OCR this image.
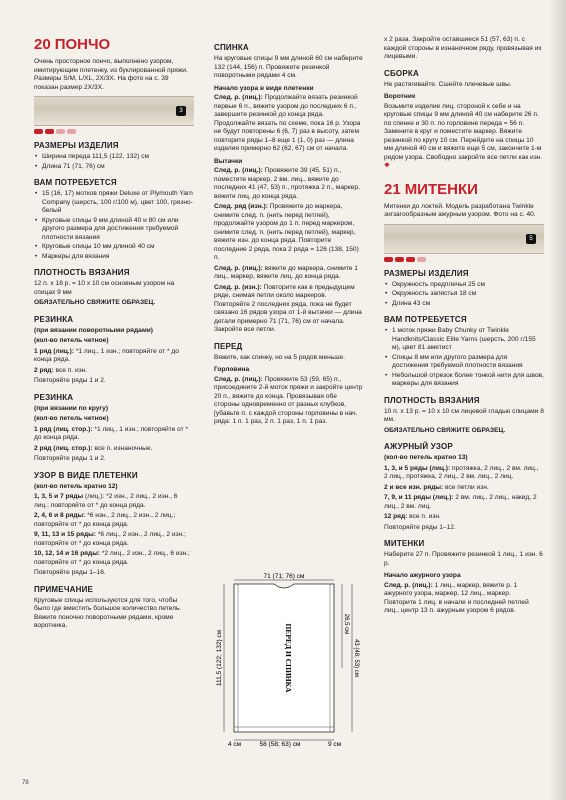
20 ПОНЧО

Очень просторное пончо, выполнено узором, имитирующим плетенку, из буклированной пряжи. Размеры S/M, L/XL, 2X/3X. На фото на с. 39 показан размер 2X/3X.

3
РАЗМЕРЫ ИЗДЕЛИЯ
• Ширина переда 111,5 (122, 132) см
• Длина 71 (71, 76) см
ВАМ ПОТРЕБУЕТСЯ
• 15 (16, 17) мотков пряжи Deluxe от Plymouth Yarn Company (шерсть, 100 г/100 м), цвет 100, грязно-белый
• Круговые спицы 9 мм длиной 40 и 80 см или другого размера для достижения требуемой плотности вязания
• Круговые спицы 10 мм длиной 40 см
• Маркеры для вязания
ПЛОТНОСТЬ ВЯЗАНИЯ

12 п. x 18 р. = 10 x 10 см основным узором на спицах 9 мм

ОБЯЗАТЕЛЬНО СВЯЖИТЕ ОБРАЗЕЦ.

РЕЗИНКА

(при вязании поворотными рядами)

(кол-во петель четное)

1 ряд (лиц.): *1 лиц., 1 изн.; повторяйте от * до конца ряда.

2 ряд: все п. изн.

Повторяйте ряды 1 и 2.

РЕЗИНКА

(при вязании по кругу)

(кол-во петель четное)

1 ряд (лиц. стор.): *1 лиц., 1 изн.; повторяйте от * до конца ряда.

2 ряд (лиц. стор.): все п. изнаночные.

Повторяйте ряды 1 и 2.

УЗОР В ВИДЕ ПЛЕТЕНКИ

(кол-во петель кратно 12)

1, 3, 5 и 7 ряды (лиц.): *2 изн., 2 лиц., 2 изн., 6 лиц.; повторяйте от * до конца ряда.

2, 4, 6 и 8 ряды: *6 изн., 2 лиц., 2 изн., 2 лиц.; повторяйте от * до конца ряда.

9, 11, 13 и 15 ряды: *6 лиц., 2 изн., 2 лиц., 2 изн.; повторяйте от * до конца ряда.

10, 12, 14 и 16 ряды: *2 лиц., 2 изн., 2 лиц., 6 изн.; повторяйте от * до конца ряда.

Повторяйте ряды 1–16.

ПРИМЕЧАНИЕ

Круговые спицы используются для того, чтобы было где вместить большое количество петель. Вяжите поночно поворотными рядами, кроме воротника.

СПИНКА

На круговые спицы 9 мм длиной 60 см наберите 132 (144, 156) п. Провяжите резинкой поворотными рядами 4 см.

Начало узора в виде плетенки

След. р. (лиц.): Продолжайте вязать резинкой первые 6 п., вяжите узором до последних 6 п., завершите резинкой до конца ряда. Продолжайте вязать по схеме, пока 16 р. Узора не будут повторены 6 (6, 7) раз в высоту, затем повторите ряды 1–8 еще 1 (1, 0) раз — длина изделия примерно 62 (62, 67) см от начала.

Вытачки

След. р. (лиц.): Провяжите 39 (45, 51) п., поместите маркер, 2 вм. лиц., вяжите до последних 41 (47, 53) п., протяжка 2 п., маркер, вяжите лиц. до конца ряда.

След. ряд (изн.): Провяжите до маркера, снимите след. п. (нить перед петлей), продолжайте узором до 1 п. перед маркером, снимите след. п. (нить перед петлей), маркер, вяжите изн. до конца ряда. Повторите последние 2 ряда, пока 2 ряда = 126 (138, 150) п.

След. р. (лиц.): вяжите до маркера, снимите 1 лиц., маркер, вяжите лиц. до конца ряда.

След. р. (изн.): Повторите как в предыдущем ряде, снимая петли около маркеров. Повторяйте 2 последних ряда, пока не будет связано 16 рядов узора от 1-й вытачки — длина детали примерно 71 (71, 76) см от начала. Закройте все петли.

ПЕРЕД

Вяжите, как спинку, но на 5 рядов меньше.

Горловина

След. р. (лиц.): Провяжите 53 (59, 65) п., присоедините 2-й моток пряжи и закройте центр 20 п., вяжите до конца. Провязывая обе стороны одновременно от разных клубков, [убавьте п. с каждой стороны горловины в нач. ряда: 1 п. 1 раз, 2 п. 1 раз, 1 п. 1 раз.

71 (71; 76) см
111,5 (122; 132) см	ПЕРЕД И СПИНКА	26,5 см
43 (48; 53) см
4 см	58 (58; 63) см	9 см

x 2 раза. Закройте оставшиеся 51 (57, 63) п. с каждой стороны в изнаночном ряду, провязывая их лицевыми.

СБОРКА

Не растягивайте. Сшейте плечевые швы.

Воротник

Возьмите изделие лиц. стороной к себе и на круговые спицы 9 мм длиной 40 см наберите 26 п. по спинке и 30 п. по горловине переда = 56 п. Замкните в круг и поместите маркер. Вяжите резинкой по кругу 10 см. Перейдите на спицы 10 мм длиной 40 см и вяжите еще 5 см, закончите 1-м рядом узора. Свободно закройте все петли как изн. ❖

21 МИТЕНКИ

Митенки до локтей. Модель разработана Twinkle зигзагообразным ажурным узором. Фото на с. 40.

5
РАЗМЕРЫ ИЗДЕЛИЯ
• Окружность предплечья 25 см
• Окружность запястья 18 см
• Длина 43 см
ВАМ ПОТРЕБУЕТСЯ
• 1 моток пряжи Baby Chunky от Twinkle Handknits/Classic Elite Yarns (шерсть, 200 г/155 м), цвет 81 аметист
• Спицы 8 мм или другого размера для достижения требуемой плотности вязания
• Небольшой отрезок более тонкой нити для швов, маркеры для вязания
ПЛОТНОСТЬ ВЯЗАНИЯ

10 п. x 13 р. = 10 x 10 см лицевой гладью спицами 8 мм.

ОБЯЗАТЕЛЬНО СВЯЖИТЕ ОБРАЗЕЦ.

АЖУРНЫЙ УЗОР

(кол-во петель кратно 13)

1, 3, и 5 ряды (лиц.): протяжка, 2 лиц., 2 вм. лиц., 2 лиц., протяжка, 2 лиц., 2 вм. лиц., 2 лиц.

2 и все изн. ряды: все петли изн.

7, 9, и 11 ряды (лиц.): 2 вм. лиц., 2 лиц., накид, 2 лиц., 2 вм. лиц.

12 ряд: все п. изн.

Повторяйте ряды 1–12.

МИТЕНКИ

Наберите 27 п. Провяжите резинкой 1 лиц., 1 изн. 6 р.

Начало ажурного узора

След. р. (лиц.): 1 лиц., маркер, вяжите р. 1 ажурного узора, маркер, 12 лиц., маркер. Повторите 1 лиц. в начале и последней петлей лиц., центр 13 п. ажурным узором 6 рядов.

78
